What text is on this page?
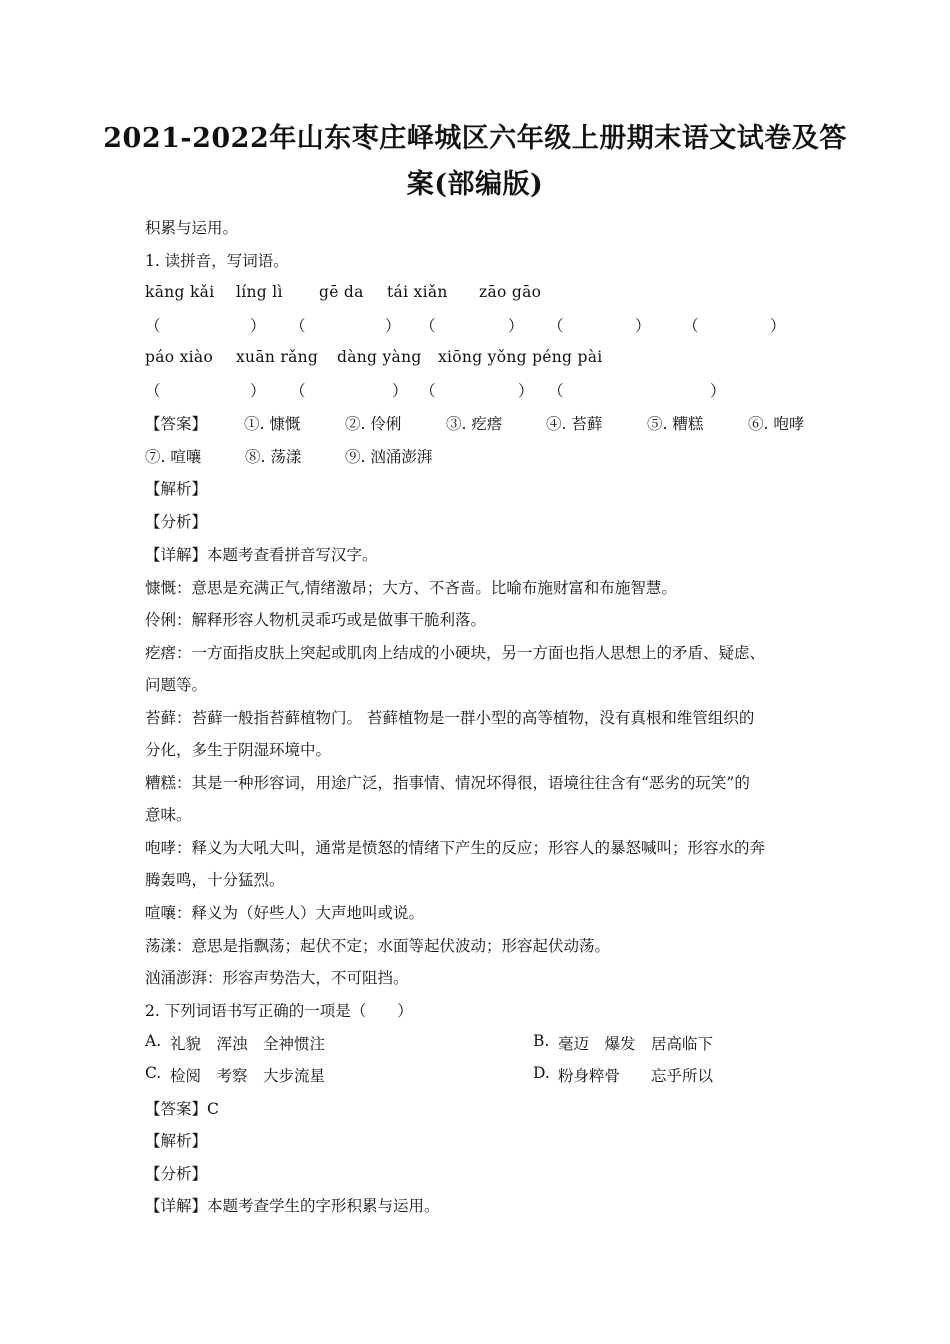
2021-2022年山东枣庄峄城区六年级上册期末语文试卷及答
案(部编版)
积累与运用。
1. 读拼音，写词语。
kāng kǎi líng lì gē da tái xiǎn zāo gāo
（	） （	） （	） （	） （	）
páo xiào xuān rǎng dàng yàng xiōng yǒng péng pài
（	） （	） （	） （	）
【答案】 ①. 慷慨	②. 伶俐	③. 疙瘩	④. 苔藓	⑤. 糟糕	⑥. 咆哮
⑦. 喧嚷	⑧. 荡漾	⑨. 汹涌澎湃
【解析】
【分析】
【详解】本题考查看拼音写汉字。
慷慨：意思是充满正气,情绪激昂；大方、不吝啬。比喻布施财富和布施智慧。
伶俐：解释形容人物机灵乖巧或是做事干脆利落。
疙瘩：一方面指皮肤上突起或肌肉上结成的小硬块，另一方面也指人思想上的矛盾、疑虑、
问题等。
苔藓：苔藓一般指苔藓植物门。 苔藓植物是一群小型的高等植物，没有真根和维管组织的
分化，多生于阴湿环境中。
糟糕：其是一种形容词，用途广泛，指事情、情况坏得很，语境往往含有“恶劣的玩笑”的
意味。
咆哮：释义为大吼大叫，通常是愤怒的情绪下产生的反应；形容人的暴怒喊叫；形容水的奔
腾轰鸣，十分猛烈。
喧嚷：释义为（好些人）大声地叫或说。
荡漾：意思是指飘荡；起伏不定；水面等起伏波动；形容起伏动荡。
汹涌澎湃：形容声势浩大，不可阻挡。
2. 下列词语书写正确的一项是（　　）
A. 礼貌　浑浊　全神惯注	B. 毫迈　爆发　居高临下
C. 检阅　考察　大步流星	D. 粉身粹骨　　忘乎所以
【答案】C
【解析】
【分析】
【详解】本题考查学生的字形积累与运用。
